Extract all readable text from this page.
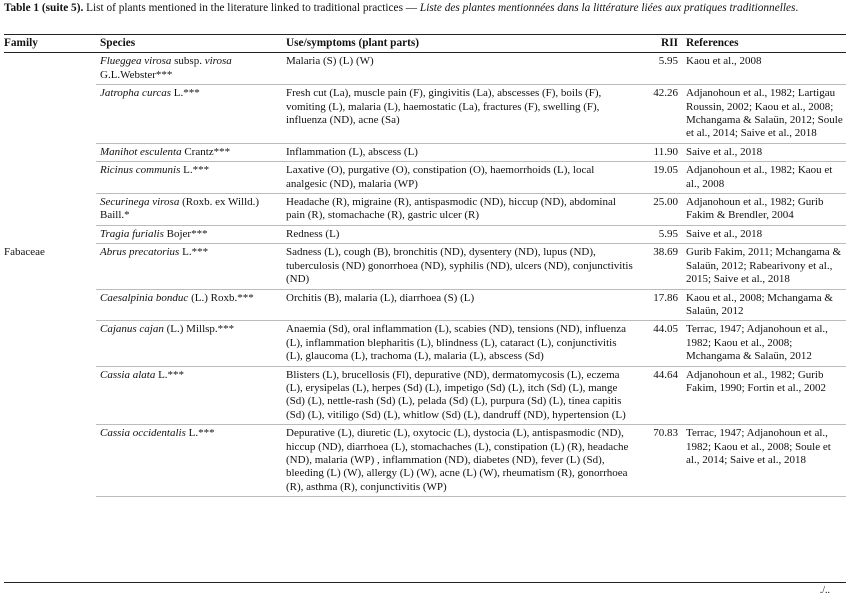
Table 1 (suite 5). List of plants mentioned in the literature linked to traditional practices — Liste des plantes mentionnées dans la littérature liées aux pratiques traditionnelles.
Family	Species	Use/symptoms (plant parts)	RII	References
	Flueggea virosa subsp. virosa G.L.Webster***	Malaria (S) (L) (W)	5.95	Kaou et al., 2008
	Jatropha curcas L.***	Fresh cut (La), muscle pain (F), gingivitis (La), abscesses (F), boils (F), vomiting (L), malaria (L), haemostatic (La), fractures (F), swelling (F), influenza (ND), acne (Sa)	42.26	Adjanohoun et al., 1982; Lartigau Roussin, 2002; Kaou et al., 2008; Mchangama & Salaün, 2012; Soule et al., 2014; Saive et al., 2018
	Manihot esculenta Crantz***	Inflammation (L), abscess (L)	11.90	Saive et al., 2018
	Ricinus communis L.***	Laxative (O), purgative (O), constipation (O), haemorrhoids (L), local analgesic (ND), malaria (WP)	19.05	Adjanohoun et al., 1982; Kaou et al., 2008
	Securinega virosa (Roxb. ex Willd.) Baill.*	Headache (R), migraine (R), antispasmodic (ND), hiccup (ND), abdominal pain (R), stomachache (R), gastric ulcer (R)	25.00	Adjanohoun et al., 1982; Gurib Fakim & Brendler, 2004
	Tragia furialis Bojer***	Redness (L)	5.95	Saive et al., 2018
Fabaceae	Abrus precatorius L.***	Sadness (L), cough (B), bronchitis (ND), dysentery (ND), lupus (ND), tuberculosis (ND) gonorrhoea (ND), syphilis (ND), ulcers (ND), conjunctivitis (ND)	38.69	Gurib Fakim, 2011; Mchangama & Salaün, 2012; Rabearivony et al., 2015; Saive et al., 2018
	Caesalpinia bonduc (L.) Roxb.***	Orchitis (B), malaria (L), diarrhoea (S) (L)	17.86	Kaou et al., 2008; Mchangama & Salaün, 2012
	Cajanus cajan (L.) Millsp.***	Anaemia (Sd), oral inflammation (L), scabies (ND), tensions (ND), influenza (L), inflammation blepharitis (L), blindness (L), cataract (L), conjunctivitis (L), glaucoma (L), trachoma (L), malaria (L), abscess (Sd)	44.05	Terrac, 1947; Adjanohoun et al., 1982; Kaou et al., 2008; Mchangama & Salaün, 2012
	Cassia alata L.***	Blisters (L), brucellosis (Fl), depurative (ND), dermatomycosis (L), eczema (L), erysipelas (L), herpes (Sd) (L), impetigo (Sd) (L), itch (Sd) (L), mange (Sd) (L), nettle-rash (Sd) (L), pelada (Sd) (L), purpura (Sd) (L), tinea capitis (Sd) (L), vitiligo (Sd) (L), whitlow (Sd) (L), dandruff (ND), hypertension (L)	44.64	Adjanohoun et al., 1982; Gurib Fakim, 1990; Fortin et al., 2002
	Cassia occidentalis L.***	Depurative (L), diuretic (L), oxytocic (L), dystocia (L), antispasmodic (ND), hiccup (ND), diarrhoea (L), stomachaches (L), constipation (L) (R), headache (ND), malaria (WP) , inflammation (ND), diabetes (ND), fever (L) (Sd), bleeding (L) (W), allergy (L) (W), acne (L) (W), rheumatism (R), gonorrhoea (R), asthma (R), conjunctivitis (WP)	70.83	Terrac, 1947; Adjanohoun et al., 1982; Kaou et al., 2008; Soule et al., 2014; Saive et al., 2018
./..
